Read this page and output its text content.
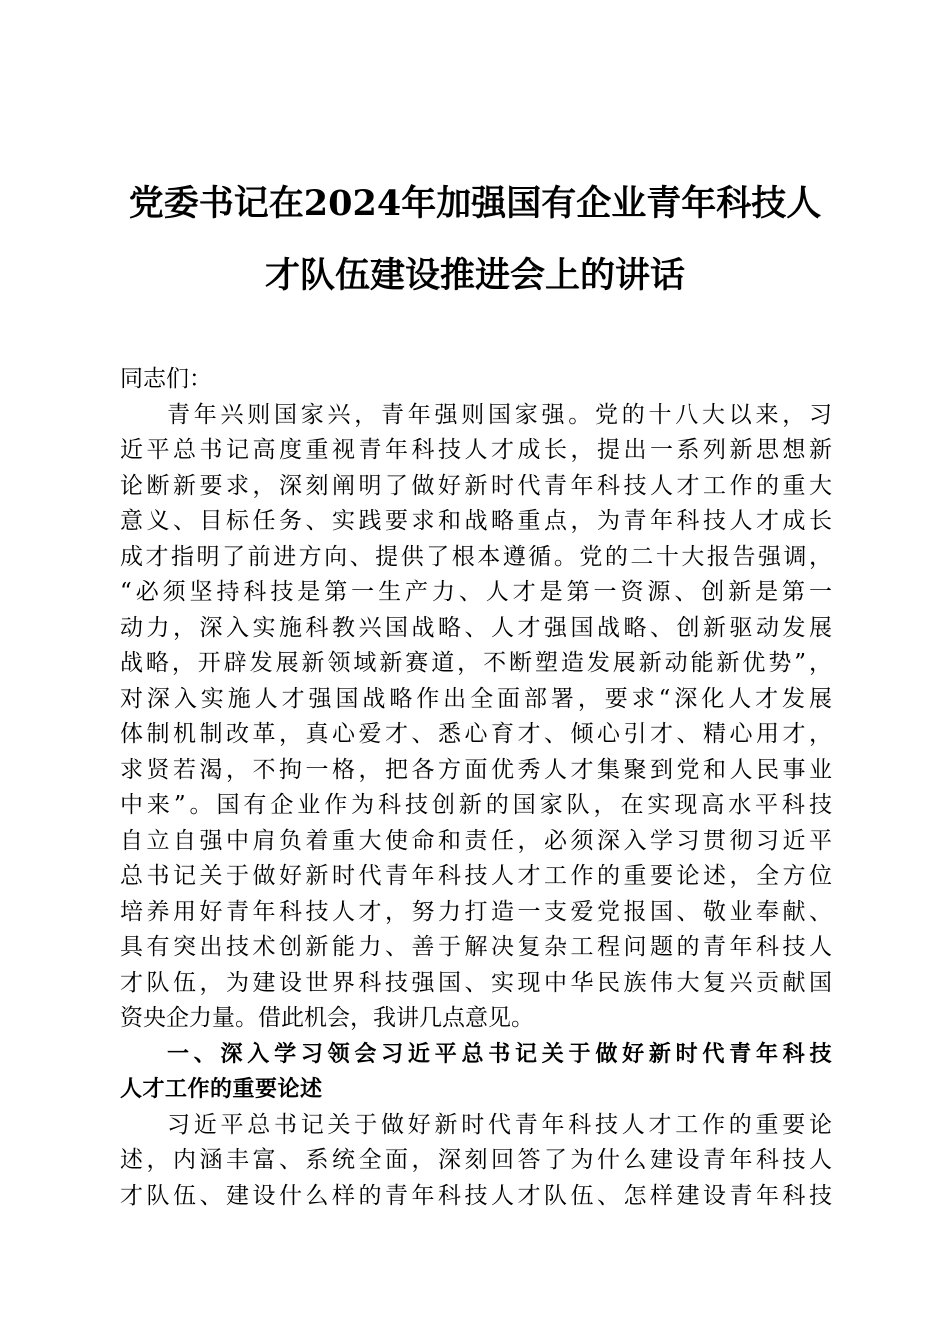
党委书记在2024年加强国有企业青年科技人
才队伍建设推进会上的讲话

同志们：

青年兴则国家兴，青年强则国家强。党的十八大以来，习
近平总书记高度重视青年科技人才成长，提出一系列新思想新
论断新要求，深刻阐明了做好新时代青年科技人才工作的重大
意义、目标任务、实践要求和战略重点，为青年科技人才成长
成才指明了前进方向、提供了根本遵循。党的二十大报告强调，
“必须坚持科技是第一生产力、人才是第一资源、创新是第一
动力，深入实施科教兴国战略、人才强国战略、创新驱动发展
战略，开辟发展新领域新赛道，不断塑造发展新动能新优势”，
对深入实施人才强国战略作出全面部署，要求“深化人才发展
体制机制改革，真心爱才、悉心育才、倾心引才、精心用才，
求贤若渴，不拘一格，把各方面优秀人才集聚到党和人民事业
中来”。国有企业作为科技创新的国家队，在实现高水平科技
自立自强中肩负着重大使命和责任，必须深入学习贯彻习近平
总书记关于做好新时代青年科技人才工作的重要论述，全方位
培养用好青年科技人才，努力打造一支爱党报国、敬业奉献、
具有突出技术创新能力、善于解决复杂工程问题的青年科技人
才队伍，为建设世界科技强国、实现中华民族伟大复兴贡献国
资央企力量。借此机会，我讲几点意见。
一、深入学习领会习近平总书记关于做好新时代青年科技
人才工作的重要论述
习近平总书记关于做好新时代青年科技人才工作的重要论
述，内涵丰富、系统全面，深刻回答了为什么建设青年科技人
才队伍、建设什么样的青年科技人才队伍、怎样建设青年科技
